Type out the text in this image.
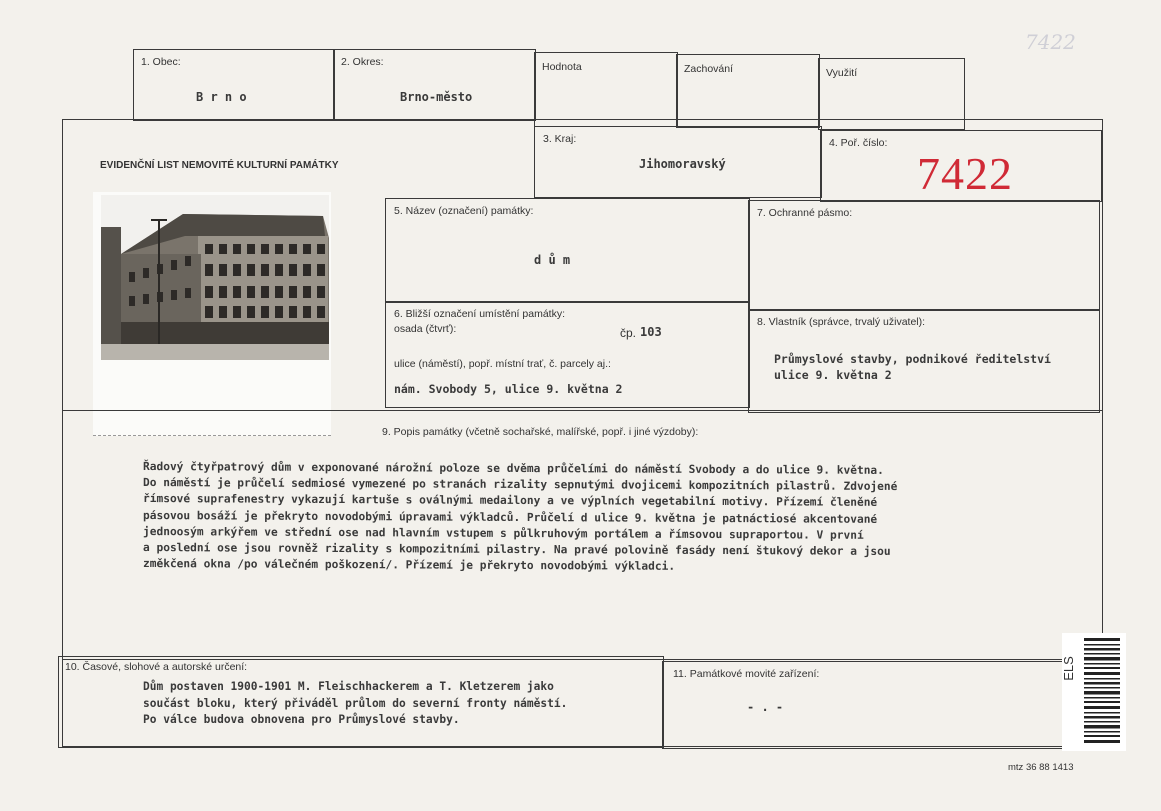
7422
1. Obec:
B r n o
2. Okres:
Brno-město
Hodnota	Zachování	Využití
EVIDENČNÍ LIST NEMOVITÉ KULTURNÍ PAMÁTKY
3. Kraj:
Jihomoravský
4. Poř. číslo:
7422
5. Název (označení) památky:
d ů m
7. Ochranné pásmo:
6. Bližší označení umístění památky:
osada (čtvrť):	čp. 103
ulice (náměstí), popř. místní trať, č. parcely aj.:
nám. Svobody 5, ulice 9. května 2
8. Vlastník (správce, trvalý uživatel):
Průmyslové stavby, podnikové ředitelství
ulice 9. května 2
9. Popis památky (včetně sochařské, malířské, popř. i jiné výzdoby):

Řadový čtyřpatrový dům v exponované nárožní poloze se dvěma průčelími do náměstí Svobody a do ulice 9. května.

Do náměstí je průčelí sedmiosé vymezené po stranách rizality sepnutými dvojicemi kompozitních pilastrů. Zdvojené

římsové suprafenestry vykazují kartuše s oválnými medailony a ve výplních vegetabilní motivy. Přízemí členěné

pásovou bosáží je překryto novodobými úpravami výkladců. Průčelí d ulice 9. května je patnáctiosé akcentované

jednoosým arkýřem ve střední ose nad hlavním vstupem s půlkruhovým portálem a římsovou supraportou. V první

a poslední ose jsou rovněž rizality s kompozitními pilastry. Na pravé polovině fasády není štukový dekor a jsou

změkčená okna /po válečném poškození/. Přízemí je překryto novodobými výkladci.

10. Časové, slohové a autorské určení:

Dům postaven 1900-1901 M. Fleischhackerem a T. Kletzerem jako

součást bloku, který přiváděl průlom do severní fronty náměstí.

Po válce budova obnovena pro Průmyslové stavby.

11. Památkové movité zařízení:
- . -
ELS
mtz 36 88 1413
